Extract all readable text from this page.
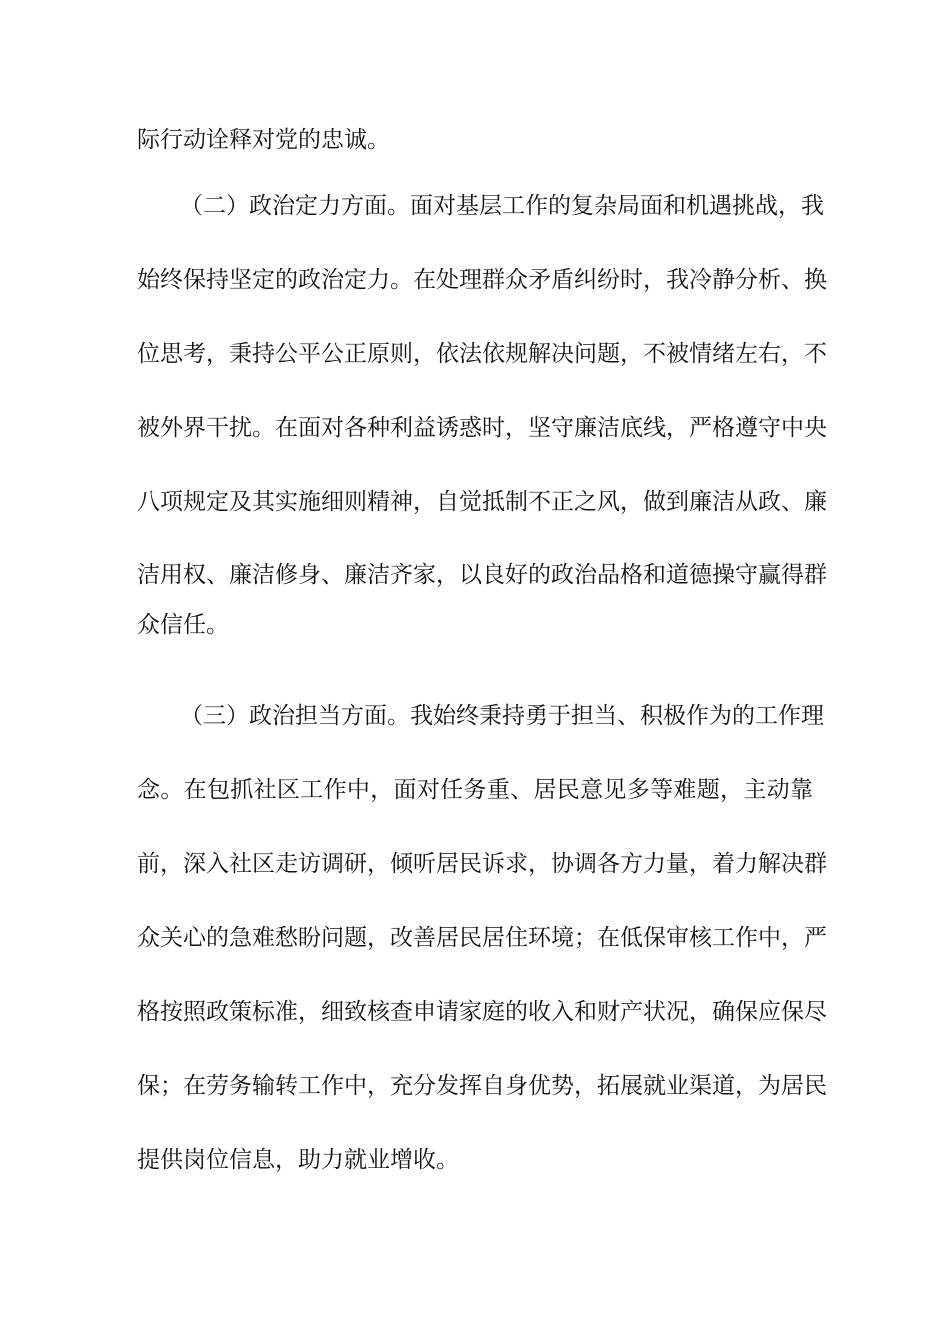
际行动诠释对党的忠诚。
（二）政治定力方面。面对基层工作的复杂局面和机遇挑战，我
始终保持坚定的政治定力。在处理群众矛盾纠纷时，我冷静分析、换
位思考，秉持公平公正原则，依法依规解决问题，不被情绪左右，不
被外界干扰。在面对各种利益诱惑时，坚守廉洁底线，严格遵守中央
八项规定及其实施细则精神，自觉抵制不正之风，做到廉洁从政、廉
洁用权、廉洁修身、廉洁齐家，以良好的政治品格和道德操守赢得群
众信任。
（三）政治担当方面。我始终秉持勇于担当、积极作为的工作理
念。在包抓社区工作中，面对任务重、居民意见多等难题，主动靠
前，深入社区走访调研，倾听居民诉求，协调各方力量，着力解决群
众关心的急难愁盼问题，改善居民居住环境；在低保审核工作中，严
格按照政策标准，细致核查申请家庭的收入和财产状况，确保应保尽
保；在劳务输转工作中，充分发挥自身优势，拓展就业渠道，为居民
提供岗位信息，助力就业增收。
